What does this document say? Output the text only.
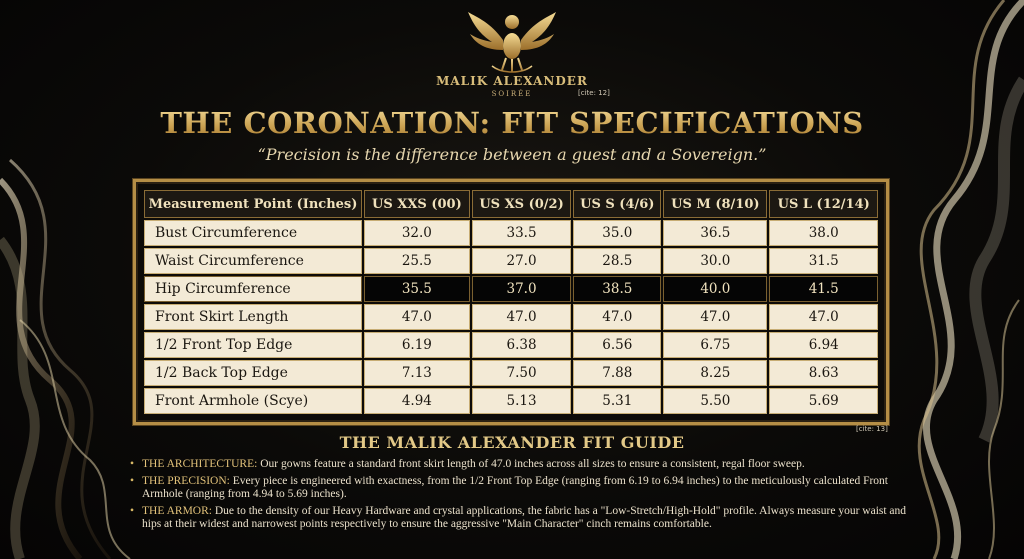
MALIK ALEXANDER
SOIRÉE	[cite: 12]
THE CORONATION: FIT SPECIFICATIONS
“Precision is the difference between a guest and a Sovereign.”
Measurement Point (Inches)	US XXS (00)	US XS (0/2)	US S (4/6)	US M (8/10)	US L (12/14)
Bust Circumference	32.0	33.5	35.0	36.5	38.0
Waist Circumference	25.5	27.0	28.5	30.0	31.5
Hip Circumference	35.5	37.0	38.5	40.0	41.5
Front Skirt Length	47.0	47.0	47.0	47.0	47.0
1/2 Front Top Edge	6.19	6.38	6.56	6.75	6.94
1/2 Back Top Edge	7.13	7.50	7.88	8.25	8.63
Front Armhole (Scye)	4.94	5.13	5.31	5.50	5.69
[cite: 13]
THE MALIK ALEXANDER FIT GUIDE
• THE ARCHITECTURE: Our gowns feature a standard front skirt length of 47.0 inches across all sizes to ensure a consistent, regal floor sweep.
• THE PRECISION: Every piece is engineered with exactness, from the 1/2 Front Top Edge (ranging from 6.19 to 6.94 inches) to the meticulously calculated Front Armhole (ranging from 4.94 to 5.69 inches).
• THE ARMOR: Due to the density of our Heavy Hardware and crystal applications, the fabric has a "Low-Stretch/High-Hold" profile. Always measure your waist and hips at their widest and narrowest points respectively to ensure the aggressive "Main Character" cinch remains comfortable.
